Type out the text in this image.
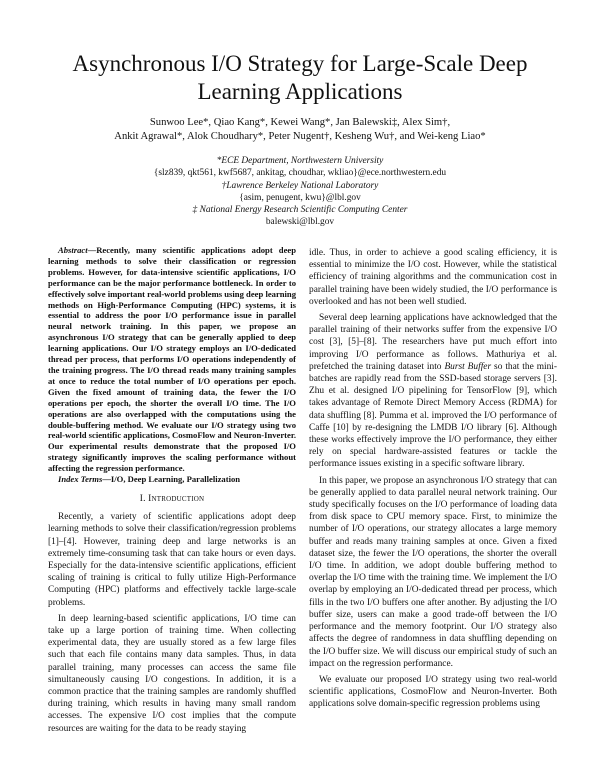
Asynchronous I/O Strategy for Large-Scale Deep Learning Applications
Sunwoo Lee*, Qiao Kang*, Kewei Wang*, Jan Balewski‡, Alex Sim†,
Ankit Agrawal*, Alok Choudhary*, Peter Nugent†, Kesheng Wu†, and Wei-keng Liao*
*ECE Department, Northwestern University
{slz839, qkt561, kwf5687, ankitag, choudhar, wkliao}@ece.northwestern.edu
†Lawrence Berkeley National Laboratory
{asim, penugent, kwu}@lbl.gov
‡ National Energy Research Scientific Computing Center
balewski@lbl.gov

Abstract—Recently, many scientific applications adopt deep learning methods to solve their classification or regression problems. However, for data-intensive scientific applications, I/O performance can be the major performance bottleneck. In order to effectively solve important real-world problems using deep learning methods on High-Performance Computing (HPC) systems, it is essential to address the poor I/O performance issue in parallel neural network training. In this paper, we propose an asynchronous I/O strategy that can be generally applied to deep learning applications. Our I/O strategy employs an I/O-dedicated thread per process, that performs I/O operations independently of the training progress. The I/O thread reads many training samples at once to reduce the total number of I/O operations per epoch. Given the fixed amount of training data, the fewer the I/O operations per epoch, the shorter the overall I/O time. The I/O operations are also overlapped with the computations using the double-buffering method. We evaluate our I/O strategy using two real-world scientific applications, CosmoFlow and Neuron-Inverter. Our experimental results demonstrate that the proposed I/O strategy significantly improves the scaling performance without affecting the regression performance.

Index Terms—I/O, Deep Learning, Parallelization

I. Introduction

Recently, a variety of scientific applications adopt deep learning methods to solve their classification/regression problems [1]–[4]. However, training deep and large networks is an extremely time-consuming task that can take hours or even days. Especially for the data-intensive scientific applications, efficient scaling of training is critical to fully utilize High-Performance Computing (HPC) platforms and effectively tackle large-scale problems.

In deep learning-based scientific applications, I/O time can take up a large portion of training time. When collecting experimental data, they are usually stored as a few large files such that each file contains many data samples. Thus, in data parallel training, many processes can access the same file simultaneously causing I/O congestions. In addition, it is a common practice that the training samples are randomly shuffled during training, which results in having many small random accesses. The expensive I/O cost implies that the compute resources are waiting for the data to be ready staying

idle. Thus, in order to achieve a good scaling efficiency, it is essential to minimize the I/O cost. However, while the statistical efficiency of training algorithms and the communication cost in parallel training have been widely studied, the I/O performance is overlooked and has not been well studied.

Several deep learning applications have acknowledged that the parallel training of their networks suffer from the expensive I/O cost [3], [5]–[8]. The researchers have put much effort into improving I/O performance as follows. Mathuriya et al. prefetched the training dataset into Burst Buffer so that the mini-batches are rapidly read from the SSD-based storage servers [3]. Zhu et al. designed I/O pipelining for TensorFlow [9], which takes advantage of Remote Direct Memory Access (RDMA) for data shuffling [8]. Pumma et al. improved the I/O performance of Caffe [10] by re-designing the LMDB I/O library [6]. Although these works effectively improve the I/O performance, they either rely on special hardware-assisted features or tackle the performance issues existing in a specific software library.

In this paper, we propose an asynchronous I/O strategy that can be generally applied to data parallel neural network training. Our study specifically focuses on the I/O performance of loading data from disk space to CPU memory space. First, to minimize the number of I/O operations, our strategy allocates a large memory buffer and reads many training samples at once. Given a fixed dataset size, the fewer the I/O operations, the shorter the overall I/O time. In addition, we adopt double buffering method to overlap the I/O time with the training time. We implement the I/O overlap by employing an I/O-dedicated thread per process, which fills in the two I/O buffers one after another. By adjusting the I/O buffer size, users can make a good trade-off between the I/O performance and the memory footprint. Our I/O strategy also affects the degree of randomness in data shuffling depending on the I/O buffer size. We will discuss our empirical study of such an impact on the regression performance.

We evaluate our proposed I/O strategy using two real-world scientific applications, CosmoFlow and Neuron-Inverter. Both applications solve domain-specific regression problems using
